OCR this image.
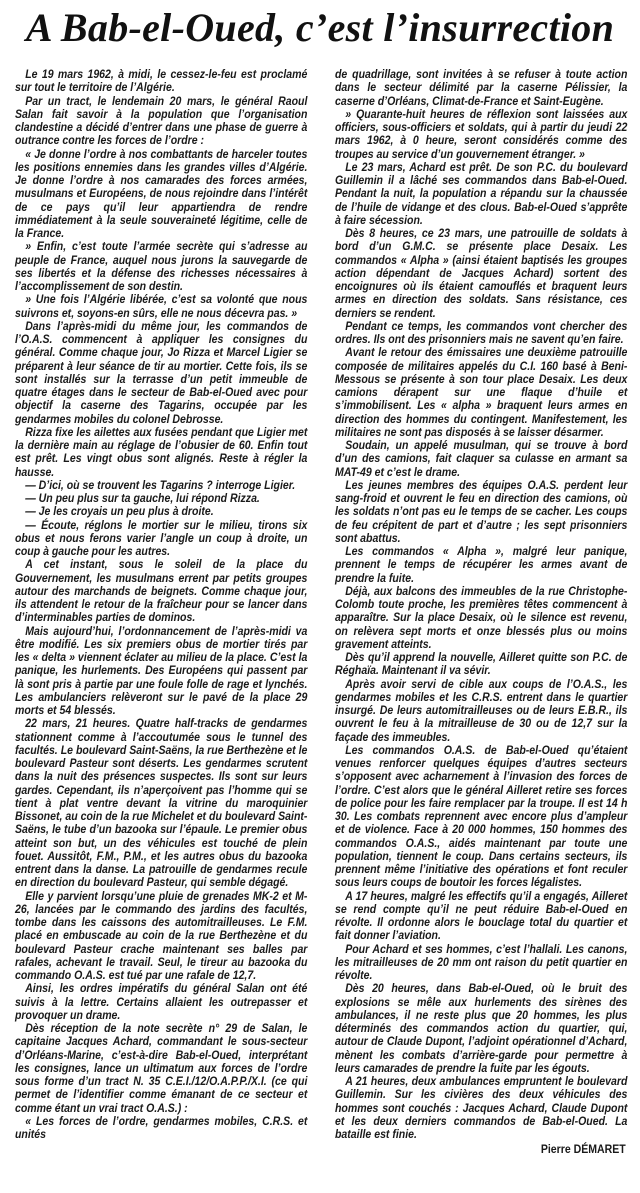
A Bab-el-Oued, c’est l’insurrection

Le 19 mars 1962, à midi, le cessez-le-feu est proclamé sur tout le territoire de l’Algérie.

Par un tract, le lendemain 20 mars, le général Raoul Salan fait savoir à la population que l’organisation clandestine a décidé d’entrer dans une phase de guerre à outrance contre les forces de l’ordre :

« Je donne l’ordre à nos combattants de harceler toutes les positions ennemies dans les grandes villes d’Algérie. Je donne l’ordre à nos camarades des forces armées, musulmans et Européens, de nous rejoindre dans l’intérêt de ce pays qu’il leur appartiendra de rendre immédiatement à la seule souveraineté légitime, celle de la France.

» Enfin, c’est toute l’armée secrète qui s’adresse au peuple de France, auquel nous jurons la sauvegarde de ses libertés et la défense des richesses nécessaires à l’accomplissement de son destin.

» Une fois l’Algérie libérée, c’est sa volonté que nous suivrons et, soyons-en sûrs, elle ne nous décevra pas. »

Dans l’après-midi du même jour, les commandos de l’O.A.S. commencent à appliquer les consignes du général. Comme chaque jour, Jo Rizza et Marcel Ligier se préparent à leur séance de tir au mortier. Cette fois, ils se sont installés sur la terrasse d’un petit immeuble de quatre étages dans le secteur de Bab-el-Oued avec pour objectif la caserne des Tagarins, occupée par les gendarmes mobiles du colonel Debrosse.

Rizza fixe les ailettes aux fusées pendant que Ligier met la dernière main au réglage de l’obusier de 60. Enfin tout est prêt. Les vingt obus sont alignés. Reste à régler la hausse.

— D’ici, où se trouvent les Tagarins ? interroge Ligier.

— Un peu plus sur ta gauche, lui répond Rizza.

— Je les croyais un peu plus à droite.

— Écoute, réglons le mortier sur le milieu, tirons six obus et nous ferons varier l’angle un coup à droite, un coup à gauche pour les autres.

A cet instant, sous le soleil de la place du Gouvernement, les musulmans errent par petits groupes autour des marchands de beignets. Comme chaque jour, ils attendent le retour de la fraîcheur pour se lancer dans d’interminables parties de dominos.

Mais aujourd’hui, l’ordonnancement de l’après-midi va être modifié. Les six premiers obus de mortier tirés par les « delta » viennent éclater au milieu de la place. C’est la panique, les hurlements. Des Européens qui passent par là sont pris à partie par une foule folle de rage et lynchés. Les ambulanciers relèveront sur le pavé de la place 29 morts et 54 blessés.

22 mars, 21 heures. Quatre half-tracks de gendarmes stationnent comme à l’accoutumée sous le tunnel des facultés. Le boulevard Saint-Saëns, la rue Berthezène et le boulevard Pasteur sont déserts. Les gendarmes scrutent dans la nuit des présences suspectes. Ils sont sur leurs gardes. Cependant, ils n’aperçoivent pas l’homme qui se tient à plat ventre devant la vitrine du maroquinier Bissonet, au coin de la rue Michelet et du boulevard Saint-Saëns, le tube d’un bazooka sur l’épaule. Le premier obus atteint son but, un des véhicules est touché de plein fouet. Aussitôt, F.M., P.M., et les autres obus du bazooka entrent dans la danse. La patrouille de gendarmes recule en direction du boulevard Pasteur, qui semble dégagé.

Elle y parvient lorsqu’une pluie de grenades MK-2 et M-26, lancées par le commando des jardins des facultés, tombe dans les caissons des automitrailleuses. Le F.M. placé en embuscade au coin de la rue Berthezène et du boulevard Pasteur crache maintenant ses balles par rafales, achevant le travail. Seul, le tireur au bazooka du commando O.A.S. est tué par une rafale de 12,7.

Ainsi, les ordres impératifs du général Salan ont été suivis à la lettre. Certains allaient les outrepasser et provoquer un drame.

Dès réception de la note secrète n° 29 de Salan, le capitaine Jacques Achard, commandant le sous-secteur d’Orléans-Marine, c’est-à-dire Bab-el-Oued, interprétant les consignes, lance un ultimatum aux forces de l’ordre sous forme d’un tract N. 35 C.E.I./12/O.A.P.P./X.I. (ce qui permet de l’identifier comme émanant de ce secteur et comme étant un vrai tract O.A.S.) :

« Les forces de l’ordre, gendarmes mobiles, C.R.S. et unités

de quadrillage, sont invitées à se refuser à toute action dans le secteur délimité par la caserne Pélissier, la caserne d’Orléans, Climat-de-France et Saint-Eugène.

» Quarante-huit heures de réflexion sont laissées aux officiers, sous-officiers et soldats, qui à partir du jeudi 22 mars 1962, à 0 heure, seront considérés comme des troupes au service d’un gouvernement étranger. »

Le 23 mars, Achard est prêt. De son P.C. du boulevard Guillemin il a lâché ses commandos dans Bab-el-Oued. Pendant la nuit, la population a répandu sur la chaussée de l’huile de vidange et des clous. Bab-el-Oued s’apprête à faire sécession.

Dès 8 heures, ce 23 mars, une patrouille de soldats à bord d’un G.M.C. se présente place Desaix. Les commandos « Alpha » (ainsi étaient baptisés les groupes action dépendant de Jacques Achard) sortent des encoignures où ils étaient camouflés et braquent leurs armes en direction des soldats. Sans résistance, ces derniers se rendent.

Pendant ce temps, les commandos vont chercher des ordres. Ils ont des prisonniers mais ne savent qu’en faire.

Avant le retour des émissaires une deuxième patrouille composée de militaires appelés du C.I. 160 basé à Beni-Messous se présente à son tour place Desaix. Les deux camions dérapent sur une flaque d’huile et s’immobilisent. Les « alpha » braquent leurs armes en direction des hommes du contingent. Manifestement, les militaires ne sont pas disposés à se laisser désarmer.

Soudain, un appelé musulman, qui se trouve à bord d’un des camions, fait claquer sa culasse en armant sa MAT-49 et c’est le drame.

Les jeunes membres des équipes O.A.S. perdent leur sang-froid et ouvrent le feu en direction des camions, où les soldats n’ont pas eu le temps de se cacher. Les coups de feu crépitent de part et d’autre ; les sept prisonniers sont abattus.

Les commandos « Alpha », malgré leur panique, prennent le temps de récupérer les armes avant de prendre la fuite.

Déjà, aux balcons des immeubles de la rue Christophe-Colomb toute proche, les premières têtes commencent à apparaître. Sur la place Desaix, où le silence est revenu, on relèvera sept morts et onze blessés plus ou moins gravement atteints.

Dès qu’il apprend la nouvelle, Ailleret quitte son P.C. de Réghaïa. Maintenant il va sévir.

Après avoir servi de cible aux coups de l’O.A.S., les gendarmes mobiles et les C.R.S. entrent dans le quartier insurgé. De leurs automitrailleuses ou de leurs E.B.R., ils ouvrent le feu à la mitrailleuse de 30 ou de 12,7 sur la façade des immeubles.

Les commandos O.A.S. de Bab-el-Oued qu’étaient venues renforcer quelques équipes d’autres secteurs s’opposent avec acharnement à l’invasion des forces de l’ordre. C’est alors que le général Ailleret retire ses forces de police pour les faire remplacer par la troupe. Il est 14 h 30. Les combats reprennent avec encore plus d’ampleur et de violence. Face à 20 000 hommes, 150 hommes des commandos O.A.S., aidés maintenant par toute une population, tiennent le coup. Dans certains secteurs, ils prennent même l’initiative des opérations et font reculer sous leurs coups de boutoir les forces légalistes.

A 17 heures, malgré les effectifs qu’il a engagés, Ailleret se rend compte qu’il ne peut réduire Bab-el-Oued en révolte. Il ordonne alors le bouclage total du quartier et fait donner l’aviation.

Pour Achard et ses hommes, c’est l’hallali. Les canons, les mitrailleuses de 20 mm ont raison du petit quartier en révolte.

Dès 20 heures, dans Bab-el-Oued, où le bruit des explosions se mêle aux hurlements des sirènes des ambulances, il ne reste plus que 20 hommes, les plus déterminés des commandos action du quartier, qui, autour de Claude Dupont, l’adjoint opérationnel d’Achard, mènent les combats d’arrière-garde pour permettre à leurs camarades de prendre la fuite par les égouts.

A 21 heures, deux ambulances empruntent le boulevard Guillemin. Sur les civières des deux véhicules des hommes sont couchés : Jacques Achard, Claude Dupont et les deux derniers commandos de Bab-el-Oued. La bataille est finie.

Pierre DÉMARET
